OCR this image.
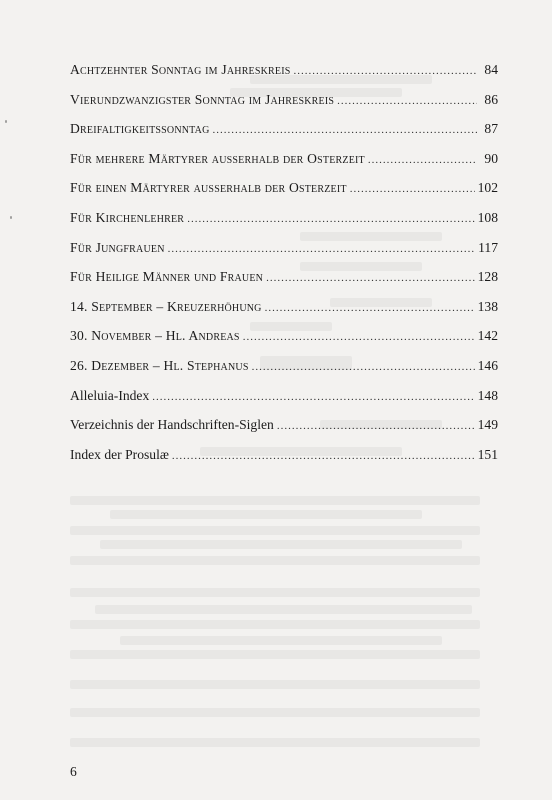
Achtzehnter Sonntag im Jahreskreis .....	84
Vierundzwanzigster Sonntag im Jahreskreis .....	86
Dreifaltigkeitssonntag .....	87
Für mehrere Märtyrer ausserhalb der Osterzeit .....	90
Für einen Märtyrer ausserhalb der Osterzeit .....	102
Für Kirchenlehrer .....	108
Für Jungfrauen .....	117
Für Heilige Männer und Frauen .....	128
14. September – Kreuzerhöhung .....	138
30. November – Hl. Andreas .....	142
26. Dezember – Hl. Stephanus .....	146
Alleluia-Index .....	148
Verzeichnis der Handschriften-Siglen .....	149
Index der Prosulæ .....	151
6
